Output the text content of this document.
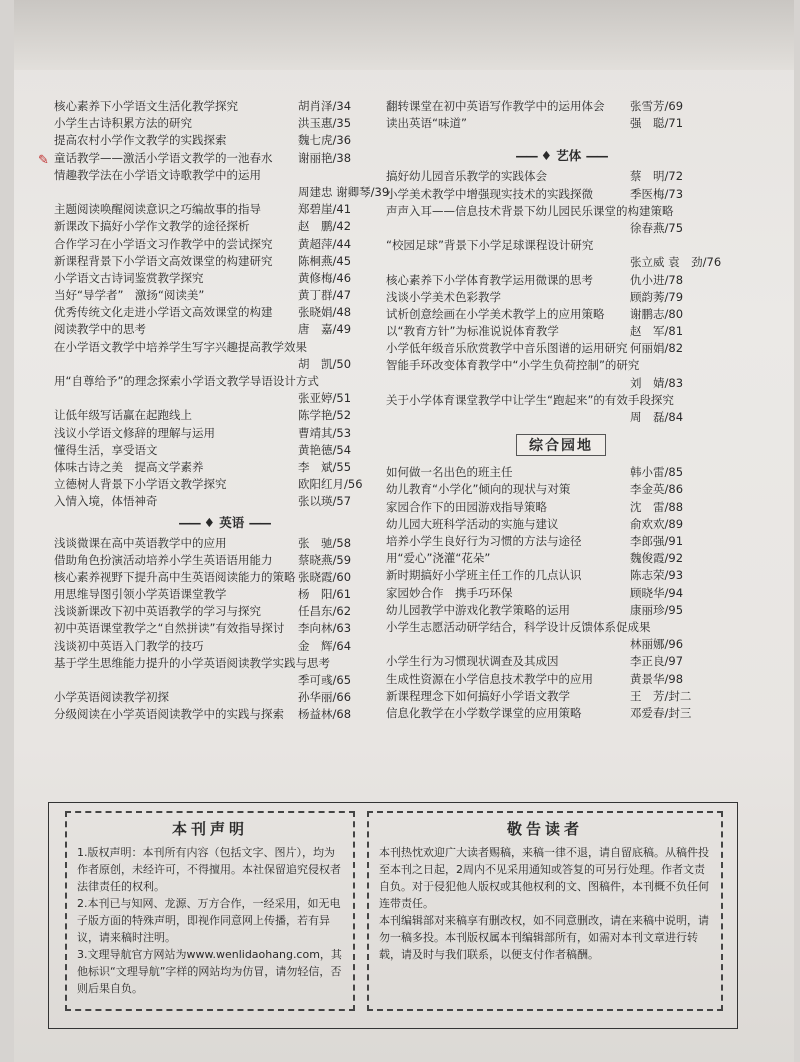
✎
核心素养下小学语文生活化教学探究	胡肖泽/34
小学生古诗积累方法的研究	洪玉惠/35
提高农村小学作文教学的实践探索	魏七虎/36
童话教学——激活小学语文教学的一池春水 谢丽艳/38
情趣教学法在小学语文诗歌教学中的运用
周建忠 谢卿琴/39
主题阅读唤醒阅读意识之巧编故事的指导	郑碧崖/41
新课改下搞好小学作文教学的途径探析	赵　鹏/42
合作学习在小学语文习作教学中的尝试探究 黄超萍/44
新课程背景下小学语文高效课堂的构建研究 陈桐燕/45
小学语文古诗词鉴赏教学探究	黄修梅/46
当好“导学者”　激扬“阅读美”	黄丁群/47
优秀传统文化走进小学语文高效课堂的构建 张晓娟/48
阅读教学中的思考	唐　嘉/49
在小学语文教学中培养学生写字兴趣提高教学效果
胡　凯/50
用“自尊给予”的理念探索小学语文教学导语设计方式
张亚婷/51
让低年级写话赢在起跑线上	陈学艳/52
浅议小学语文修辞的理解与运用	曹靖其/53
懂得生活，享受语文	黄艳德/54
体味古诗之美　提高文学素养	李　斌/55
立德树人背景下小学语文教学探究	欧阳红月/56
入情入境，体悟神奇	张以瑛/57
—— ♦ 英语 ——
浅谈微课在高中英语教学中的应用	张　驰/58
借助角色扮演活动培养小学生英语语用能力 蔡晓燕/59
核心素养视野下提升高中生英语阅读能力的策略 张晓霞/60
用思维导图引领小学英语课堂教学	杨　阳/61
浅谈新课改下初中英语教学的学习与探究	任昌东/62
初中英语课堂教学之“自然拼读”有效指导探讨 李向林/63
浅谈初中英语入门教学的技巧	金　辉/64
基于学生思维能力提升的小学英语阅读教学实践与思考
季可彧/65
小学英语阅读教学初探	孙华丽/66
分级阅读在小学英语阅读教学中的实践与探索 杨益林/68
翻转课堂在初中英语写作教学中的运用体会 张雪芳/69
读出英语“味道”	强　聪/71
—— ♦ 艺体 ——
搞好幼儿园音乐教学的实践体会	蔡　明/72
小学美术教学中增强现实技术的实践探微	季医梅/73
声声入耳——信息技术背景下幼儿园民乐课堂的构建策略
徐春燕/75
“校园足球”背景下小学足球课程设计研究
张立威 袁　劲/76
核心素养下小学体育教学运用微课的思考	仇小进/78
浅谈小学美术色彩教学	顾韵莠/79
试析创意绘画在小学美术教学上的应用策略 谢鹏志/80
以“教育方针”为标准说说体育教学	赵　军/81
小学低年级音乐欣赏教学中音乐图谱的运用研究 何丽娟/82
智能手环改变体育教学中“小学生负荷控制”的研究
刘　婧/83
关于小学体育课堂教学中让学生“跑起来”的有效手段探究
周　磊/84
综合园地
如何做一名出色的班主任	韩小雷/85
幼儿教育“小学化”倾向的现状与对策	李金英/86
家园合作下的田园游戏指导策略	沈　雷/88
幼儿园大班科学活动的实施与建议	俞欢欢/89
培养小学生良好行为习惯的方法与途径	李郎强/91
用“爱心”浇灌“花朵”	魏俊霞/92
新时期搞好小学班主任工作的几点认识	陈志荣/93
家园妙合作　携手巧环保	顾晓华/94
幼儿园教学中游戏化教学策略的运用	康丽珍/95
小学生志愿活动研学结合，科学设计反馈体系促成果
林丽娜/96
小学生行为习惯现状调查及其成因	李正良/97
生成性资源在小学信息技术教学中的应用	黄景华/98
新课程理念下如何搞好小学语文教学	王　芳/封二
信息化教学在小学数学课堂的应用策略	邓爱春/封三
本刊声明

1.版权声明：本刊所有内容（包括文字、图片），均为作者原创，未经许可，不得擅用。本社保留追究侵权者法律责任的权利。

2.本刊已与知网、龙源、万方合作，一经采用，如无电子版方面的特殊声明，即视作同意网上传播，若有异议，请来稿时注明。

3.文理导航官方网站为www.wenlidaohang.com，其他标识“文理导航”字样的网站均为仿冒，请勿轻信，否则后果自负。

敬告读者

本刊热忱欢迎广大读者赐稿，来稿一律不退，请自留底稿。从稿件投至本刊之日起，2周内不见采用通知或答复的可另行处理。作者文责自负。对于侵犯他人版权或其他权利的文、图稿件，本刊概不负任何连带责任。

本刊编辑部对来稿享有删改权，如不同意删改，请在来稿中说明，请勿一稿多投。本刊版权属本刊编辑部所有，如需对本刊文章进行转载，请及时与我们联系，以便支付作者稿酬。
